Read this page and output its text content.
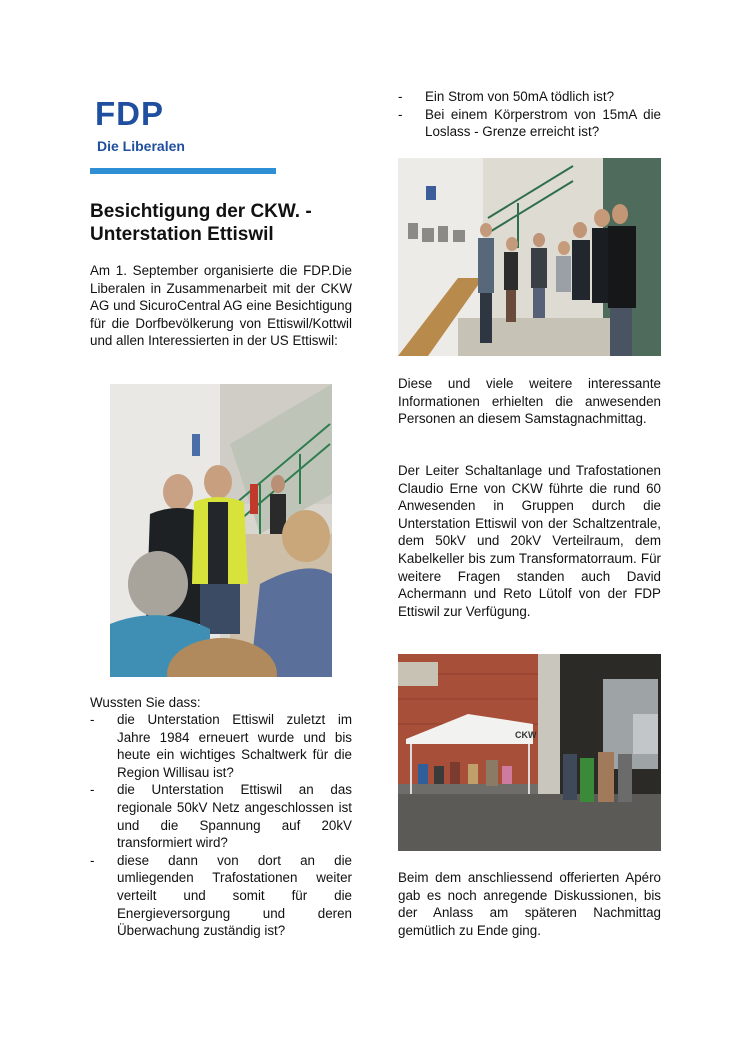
FDP
Die Liberalen
Besichtigung der CKW. - Unterstation Ettiswil

Am 1. September organisierte die FDP.Die Liberalen in Zusammenarbeit mit der CKW AG und SicuroCentral AG eine Besichtigung für die Dorfbevölkerung von Ettiswil/Kottwil und allen Interessierten in der US Ettiswil:

Wussten Sie dass:
- die Unterstation Ettiswil zuletzt im Jahre 1984 erneuert wurde und bis heute ein wichtiges Schaltwerk für die Region Willisau ist?
- die Unterstation Ettiswil an das regionale 50kV Netz angeschlossen ist und die Spannung auf 20kV transformiert wird?
- diese dann von dort an die umliegenden Trafostationen weiter verteilt und somit für die Energieversorgung und deren Überwachung zuständig ist?
- Ein Strom von 50mA tödlich ist?
- Bei einem Körperstrom von 15mA die Loslass - Grenze erreicht ist?

Diese und viele weitere interessante Informationen erhielten die anwesenden Personen an diesem Samstagnachmittag.

Der Leiter Schaltanlage und Trafostationen Claudio Erne von CKW führte die rund 60 Anwesenden in Gruppen durch die Unterstation Ettiswil von der Schaltzentrale, dem 50kV und 20kV Verteilraum, dem Kabelkeller bis zum Transformatorraum. Für weitere Fragen standen auch David Achermann und Reto Lütolf von der FDP Ettiswil zur Verfügung.

CKW

Beim dem anschliessend offerierten Apéro gab es noch anregende Diskussionen, bis der Anlass am späteren Nachmittag gemütlich zu Ende ging.
